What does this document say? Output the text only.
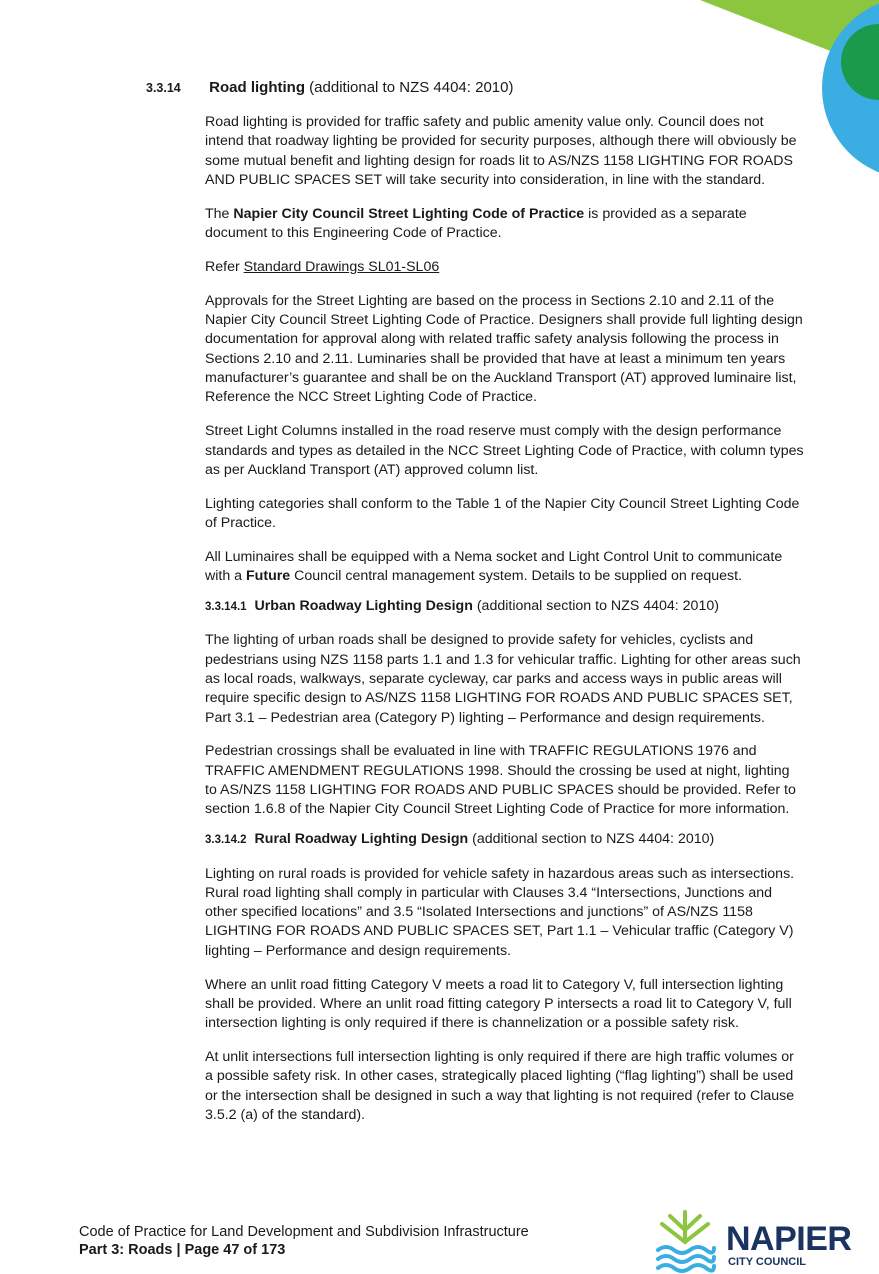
3.3.14 Road lighting (additional to NZS 4404: 2010)

Road lighting is provided for traffic safety and public amenity value only. Council does not intend that roadway lighting be provided for security purposes, although there will obviously be some mutual benefit and lighting design for roads lit to AS/NZS 1158 LIGHTING FOR ROADS AND PUBLIC SPACES SET will take security into consideration, in line with the standard.

The Napier City Council Street Lighting Code of Practice is provided as a separate document to this Engineering Code of Practice.

Refer Standard Drawings SL01-SL06

Approvals for the Street Lighting are based on the process in Sections 2.10 and 2.11 of the Napier City Council Street Lighting Code of Practice. Designers shall provide full lighting design documentation for approval along with related traffic safety analysis following the process in Sections 2.10 and 2.11. Luminaries shall be provided that have at least a minimum ten years manufacturer’s guarantee and shall be on the Auckland Transport (AT) approved luminaire list, Reference the NCC Street Lighting Code of Practice.

Street Light Columns installed in the road reserve must comply with the design performance standards and types as detailed in the NCC Street Lighting Code of Practice, with column types as per Auckland Transport (AT) approved column list.

Lighting categories shall conform to the Table 1 of the Napier City Council Street Lighting Code of Practice.

All Luminaires shall be equipped with a Nema socket and Light Control Unit to communicate with a Future Council central management system. Details to be supplied on request.

3.3.14.1 Urban Roadway Lighting Design (additional section to NZS 4404: 2010)

The lighting of urban roads shall be designed to provide safety for vehicles, cyclists and pedestrians using NZS 1158 parts 1.1 and 1.3 for vehicular traffic. Lighting for other areas such as local roads, walkways, separate cycleway, car parks and access ways in public areas will require specific design to AS/NZS 1158 LIGHTING FOR ROADS AND PUBLIC SPACES SET, Part 3.1 – Pedestrian area (Category P) lighting – Performance and design requirements.

Pedestrian crossings shall be evaluated in line with TRAFFIC REGULATIONS 1976 and TRAFFIC AMENDMENT REGULATIONS 1998. Should the crossing be used at night, lighting to AS/NZS 1158 LIGHTING FOR ROADS AND PUBLIC SPACES should be provided. Refer to section 1.6.8 of the Napier City Council Street Lighting Code of Practice for more information.

3.3.14.2 Rural Roadway Lighting Design (additional section to NZS 4404: 2010)

Lighting on rural roads is provided for vehicle safety in hazardous areas such as intersections. Rural road lighting shall comply in particular with Clauses 3.4 “Intersections, Junctions and other specified locations” and 3.5 “Isolated Intersections and junctions” of AS/NZS 1158 LIGHTING FOR ROADS AND PUBLIC SPACES SET, Part 1.1 – Vehicular traffic (Category V) lighting – Performance and design requirements.

Where an unlit road fitting Category V meets a road lit to Category V, full intersection lighting shall be provided. Where an unlit road fitting category P intersects a road lit to Category V, full intersection lighting is only required if there is channelization or a possible safety risk.

At unlit intersections full intersection lighting is only required if there are high traffic volumes or a possible safety risk. In other cases, strategically placed lighting (“flag lighting”) shall be used or the intersection shall be designed in such a way that lighting is not required (refer to Clause 3.5.2 (a) of the standard).

Code of Practice for Land Development and Subdivision Infrastructure
Part 3: Roads | Page 47 of 173	NAPIER
CITY COUNCIL
